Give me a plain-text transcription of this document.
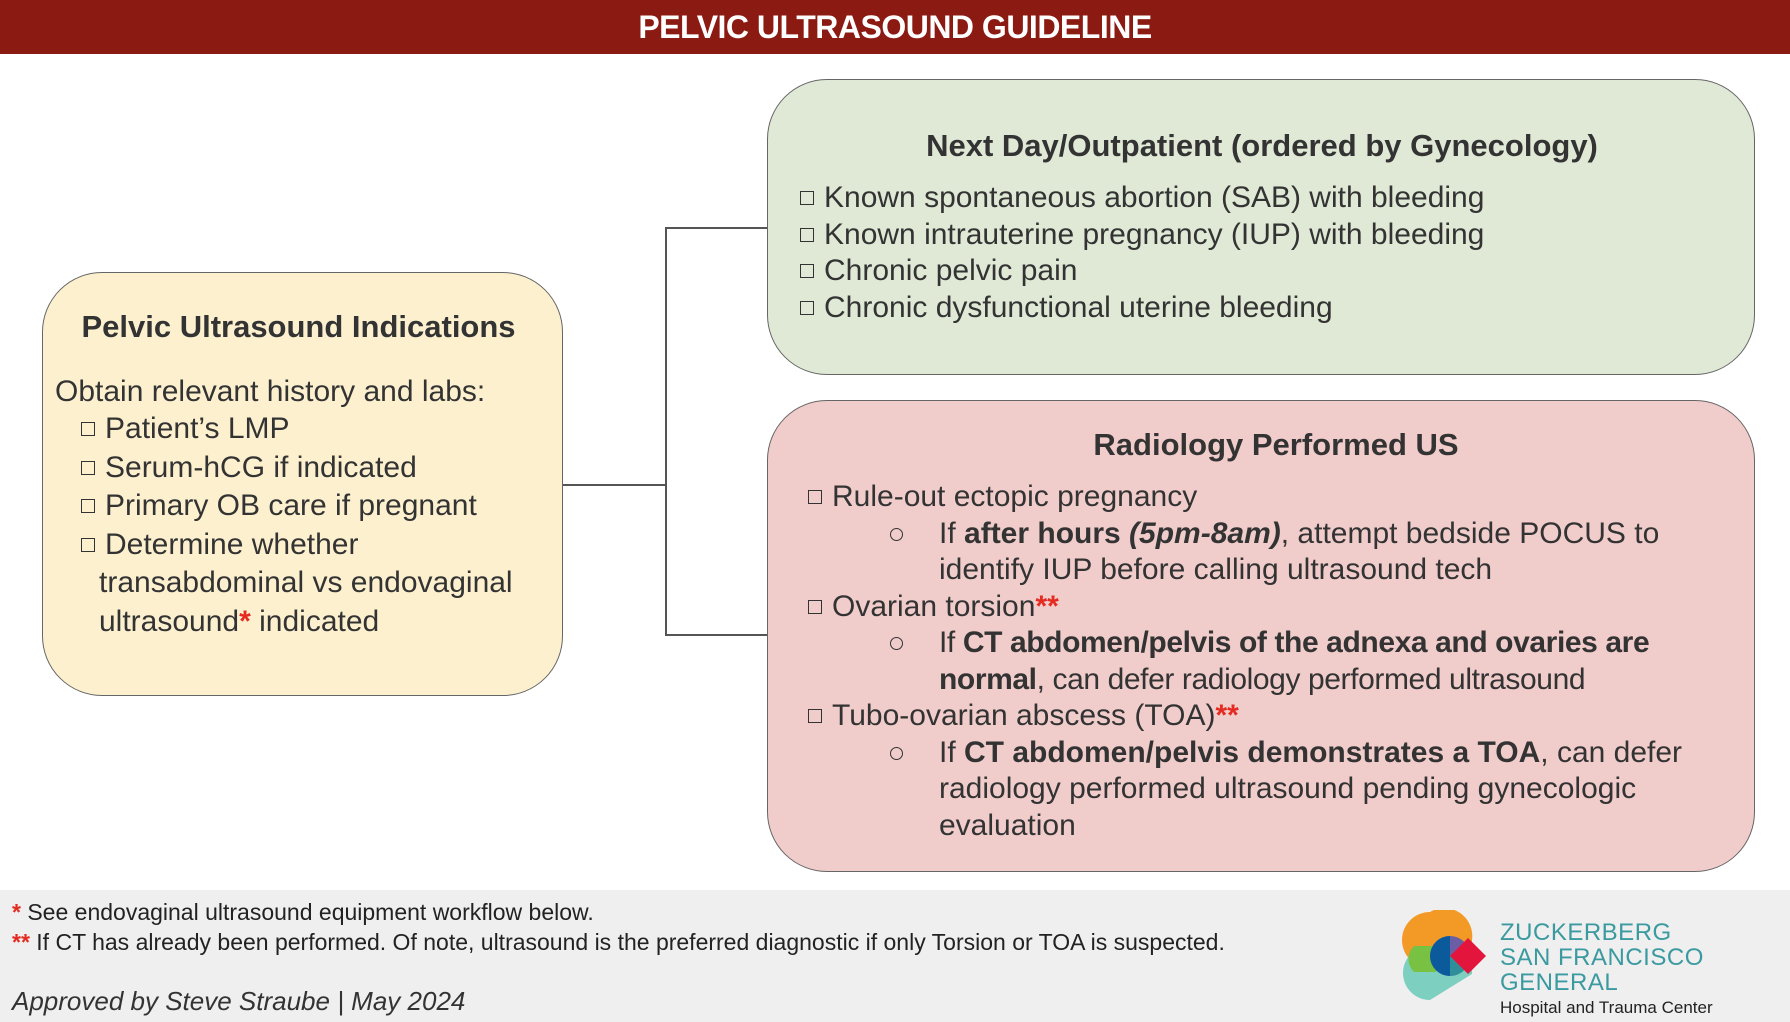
PELVIC ULTRASOUND GUIDELINE
Pelvic Ultrasound Indications
Obtain relevant history and labs:
Patient’s LMP
Serum-hCG if indicated
Primary OB care if pregnant
Determine whether
transabdominal vs endovaginal
ultrasound* indicated
Next Day/Outpatient (ordered by Gynecology)
Known spontaneous abortion (SAB) with bleeding
Known intrauterine pregnancy (IUP) with bleeding
Chronic pelvic pain
Chronic dysfunctional uterine bleeding
Radiology Performed US
Rule-out ectopic pregnancy
If after hours (5pm-8am), attempt bedside POCUS to identify IUP before calling ultrasound tech
Ovarian torsion**
If CT abdomen/pelvis of the adnexa and ovaries are normal, can defer radiology performed ultrasound
Tubo-ovarian abscess (TOA)**
If CT abdomen/pelvis demonstrates a TOA, can defer radiology performed ultrasound pending gynecologic evaluation
* See endovaginal ultrasound equipment workflow below.
** If CT has already been performed. Of note, ultrasound is the preferred diagnostic if only Torsion or TOA is suspected.
Approved by Steve Straube | May 2024
ZUCKERBERG
SAN FRANCISCO GENERAL
Hospital and Trauma Center
